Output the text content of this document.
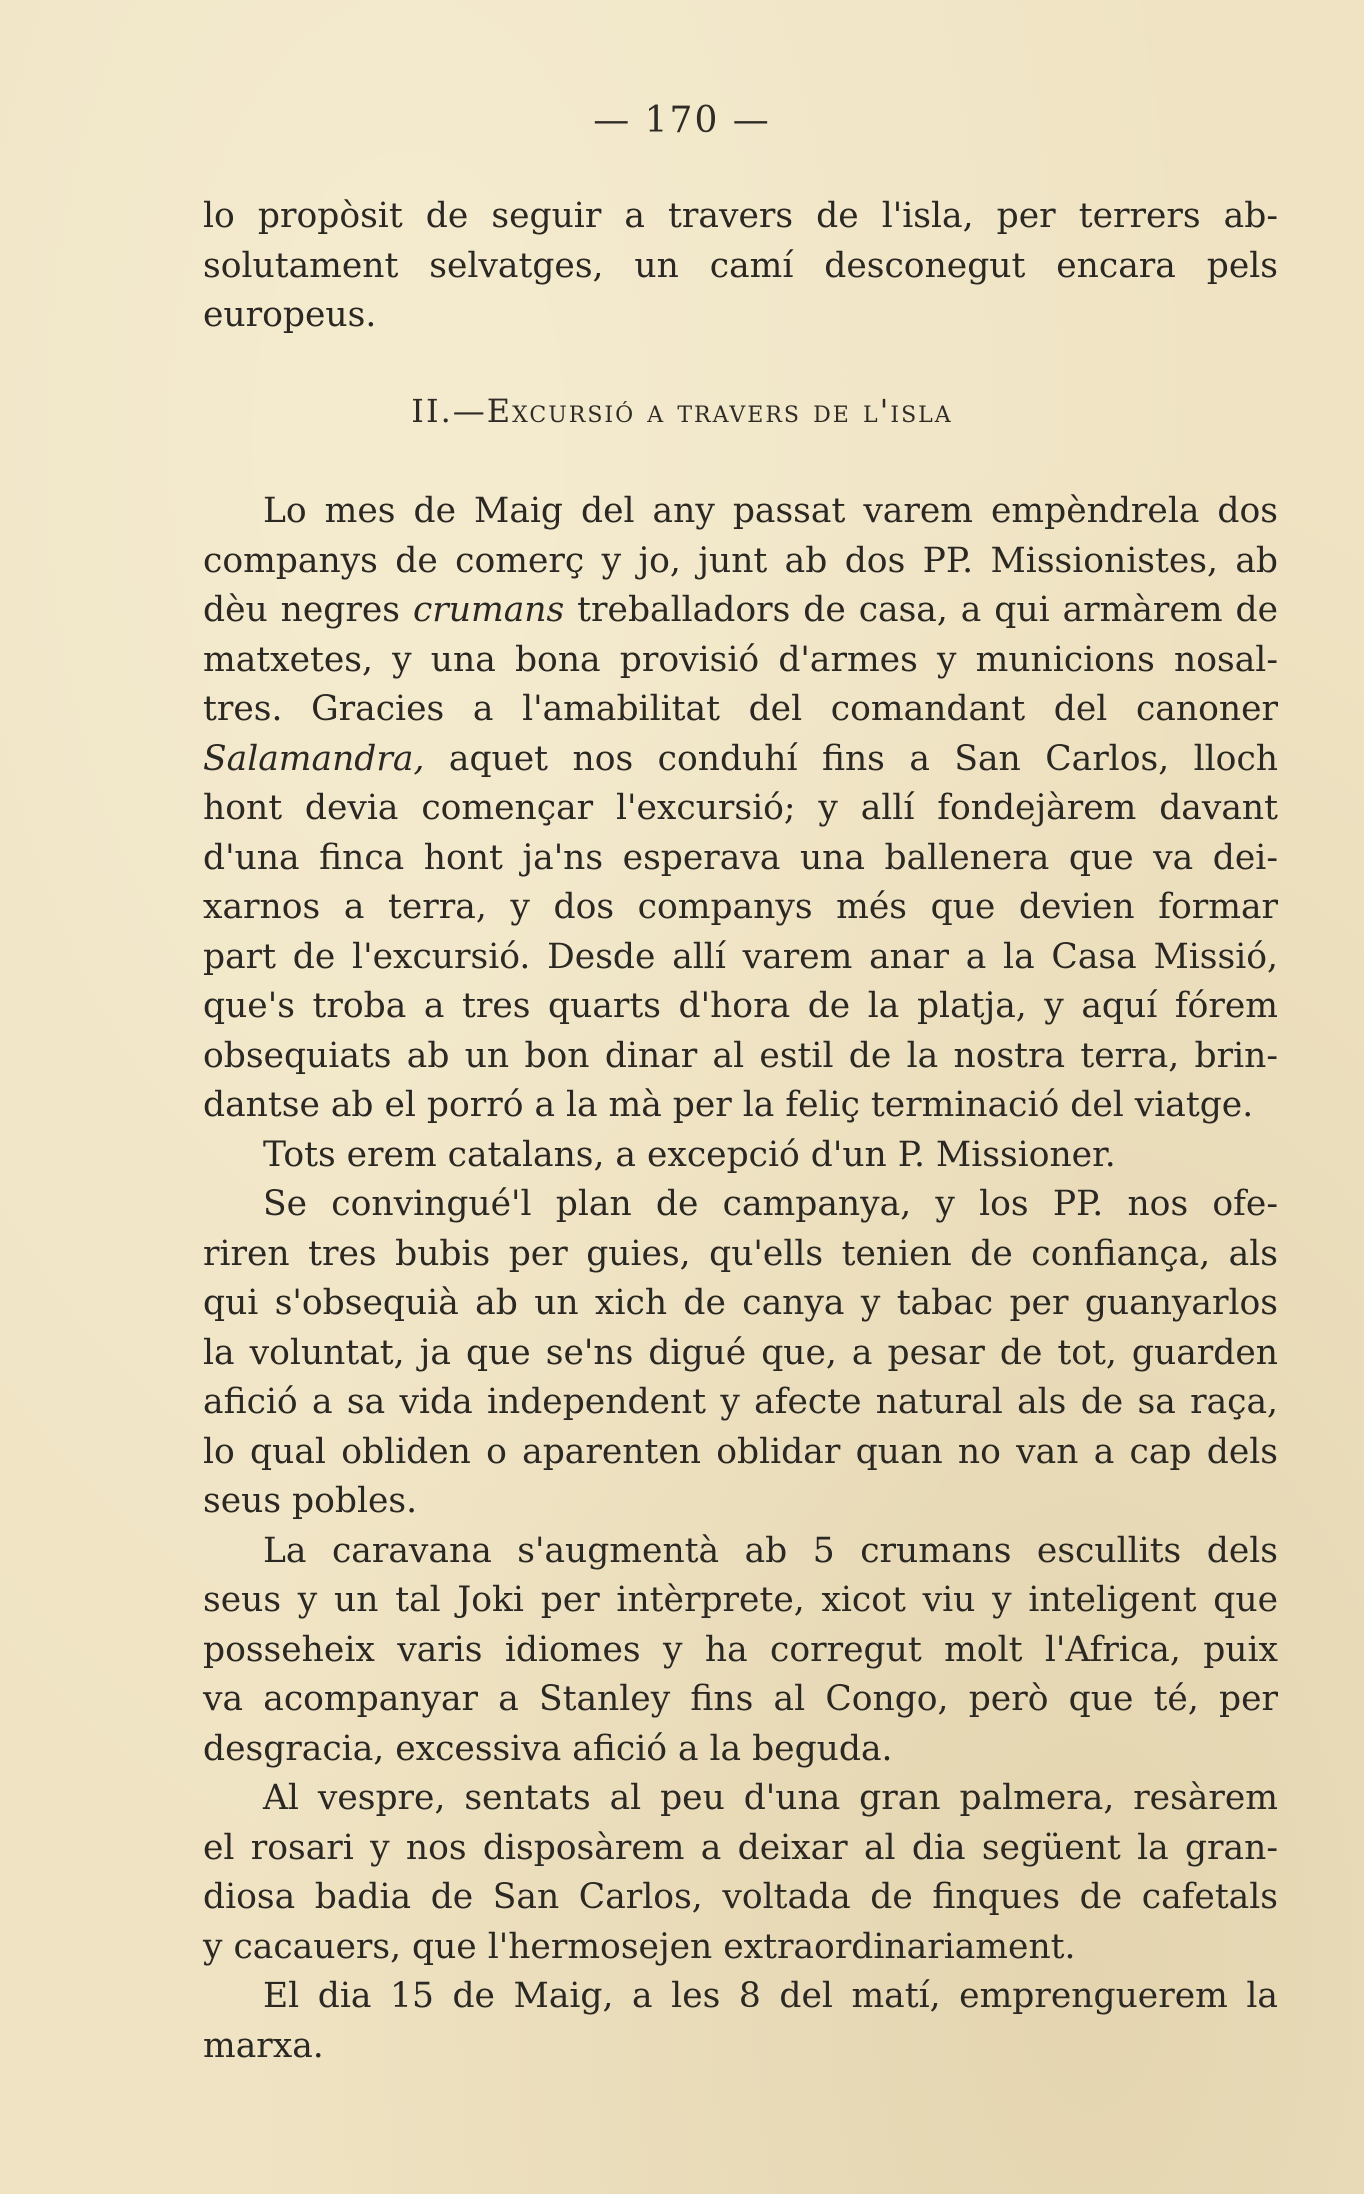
— 170 —
lo propòsit de seguir a travers de l'isla, per terrers ab-
solutament selvatges, un camí desconegut encara pels
europeus.
II.—Excursió a travers de l'isla
Lo mes de Maig del any passat varem empèndrela dos
companys de comerç y jo, junt ab dos PP. Missionistes, ab
dèu negres crumans treballadors de casa, a qui armàrem de
matxetes, y una bona provisió d'armes y municions nosal-
tres. Gracies a l'amabilitat del comandant del canoner
Salamandra, aquet nos conduhí fins a San Carlos, lloch
hont devia començar l'excursió; y allí fondejàrem davant
d'una finca hont ja'ns esperava una ballenera que va dei-
xarnos a terra, y dos companys més que devien formar
part de l'excursió. Desde allí varem anar a la Casa Missió,
que's troba a tres quarts d'hora de la platja, y aquí fórem
obsequiats ab un bon dinar al estil de la nostra terra, brin-
dantse ab el porró a la mà per la feliç terminació del viatge.
Tots erem catalans, a excepció d'un P. Missioner.
Se convingué'l plan de campanya, y los PP. nos ofe-
riren tres bubis per guies, qu'ells tenien de confiança, als
qui s'obsequià ab un xich de canya y tabac per guanyarlos
la voluntat, ja que se'ns digué que, a pesar de tot, guarden
afició a sa vida independent y afecte natural als de sa raça,
lo qual obliden o aparenten oblidar quan no van a cap dels
seus pobles.
La caravana s'augmentà ab 5 crumans escullits dels
seus y un tal Joki per intèrprete, xicot viu y inteligent que
posseheix varis idiomes y ha corregut molt l'Africa, puix
va acompanyar a Stanley fins al Congo, però que té, per
desgracia, excessiva afició a la beguda.
Al vespre, sentats al peu d'una gran palmera, resàrem
el rosari y nos disposàrem a deixar al dia següent la gran-
diosa badia de San Carlos, voltada de finques de cafetals
y cacauers, que l'hermosejen extraordinariament.
El dia 15 de Maig, a les 8 del matí, emprenguerem la
marxa.
